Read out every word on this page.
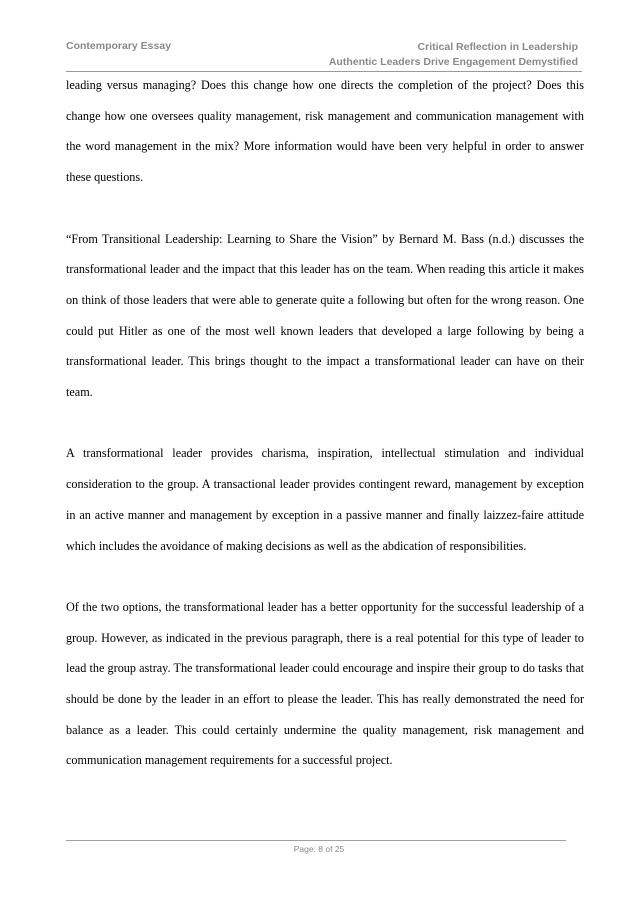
Contemporary Essay	Critical Reflection in Leadership
Authentic Leaders Drive Engagement Demystified

leading versus managing? Does this change how one directs the completion of the project? Does this change how one oversees quality management, risk management and communication management with the word management in the mix? More information would have been very helpful in order to answer these questions.

“From Transitional Leadership: Learning to Share the Vision” by Bernard M. Bass (n.d.) discusses the transformational leader and the impact that this leader has on the team. When reading this article it makes on think of those leaders that were able to generate quite a following but often for the wrong reason. One could put Hitler as one of the most well known leaders that developed a large following by being a transformational leader. This brings thought to the impact a transformational leader can have on their team.

A transformational leader provides charisma, inspiration, intellectual stimulation and individual consideration to the group. A transactional leader provides contingent reward, management by exception in an active manner and management by exception in a passive manner and finally laizzez-faire attitude which includes the avoidance of making decisions as well as the abdication of responsibilities.

Of the two options, the transformational leader has a better opportunity for the successful leadership of a group. However, as indicated in the previous paragraph, there is a real potential for this type of leader to lead the group astray. The transformational leader could encourage and inspire their group to do tasks that should be done by the leader in an effort to please the leader. This has really demonstrated the need for balance as a leader. This could certainly undermine the quality management, risk management and communication management requirements for a successful project.

Page: 8 of 25
